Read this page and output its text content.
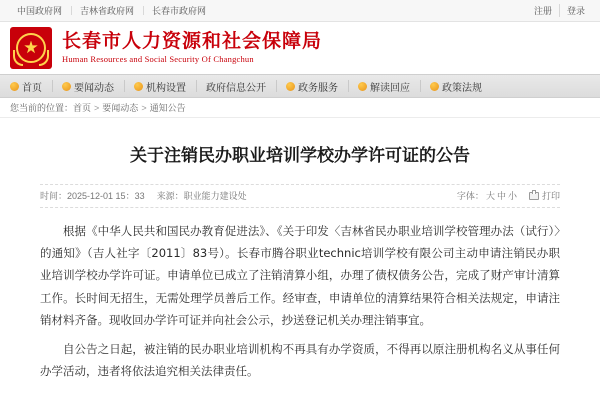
中国政府网	吉林省政府网	长春市政府网	注册	登录
长春市人力资源和社会保障局
Human Resources and Social Security Of Changchun
首页	要闻动态	机构设置 政府信息公开	政务服务	解读回应	政策法规
您当前的位置： 首页 > 要闻动态 > 通知公告
关于注销民办职业培训学校办学许可证的公告
时间：2025-12-01 15：33 来源：职业能力建设处	字体： 大 中 小	打印

根据《中华人民共和国民办教育促进法》、《关于印发〈吉林省民办职业培训学校管理办法（试行）〉的通知》（吉人社字〔2011〕83号）。长春市腾谷职业technic培训学校有限公司主动申请注销民办职业培训学校办学许可证。申请单位已成立了注销清算小组，办理了债权债务公告，完成了财产审计清算工作。长时间无招生，无需处理学员善后工作。经审查，申请单位的清算结果符合相关法规定，申请注销材料齐备。现收回办学许可证并向社会公示，抄送登记机关办理注销事宜。

自公告之日起，被注销的民办职业培训机构不再具有办学资质，不得再以原注册机构名义从事任何办学活动，违者将依法追究相关法律责任。
